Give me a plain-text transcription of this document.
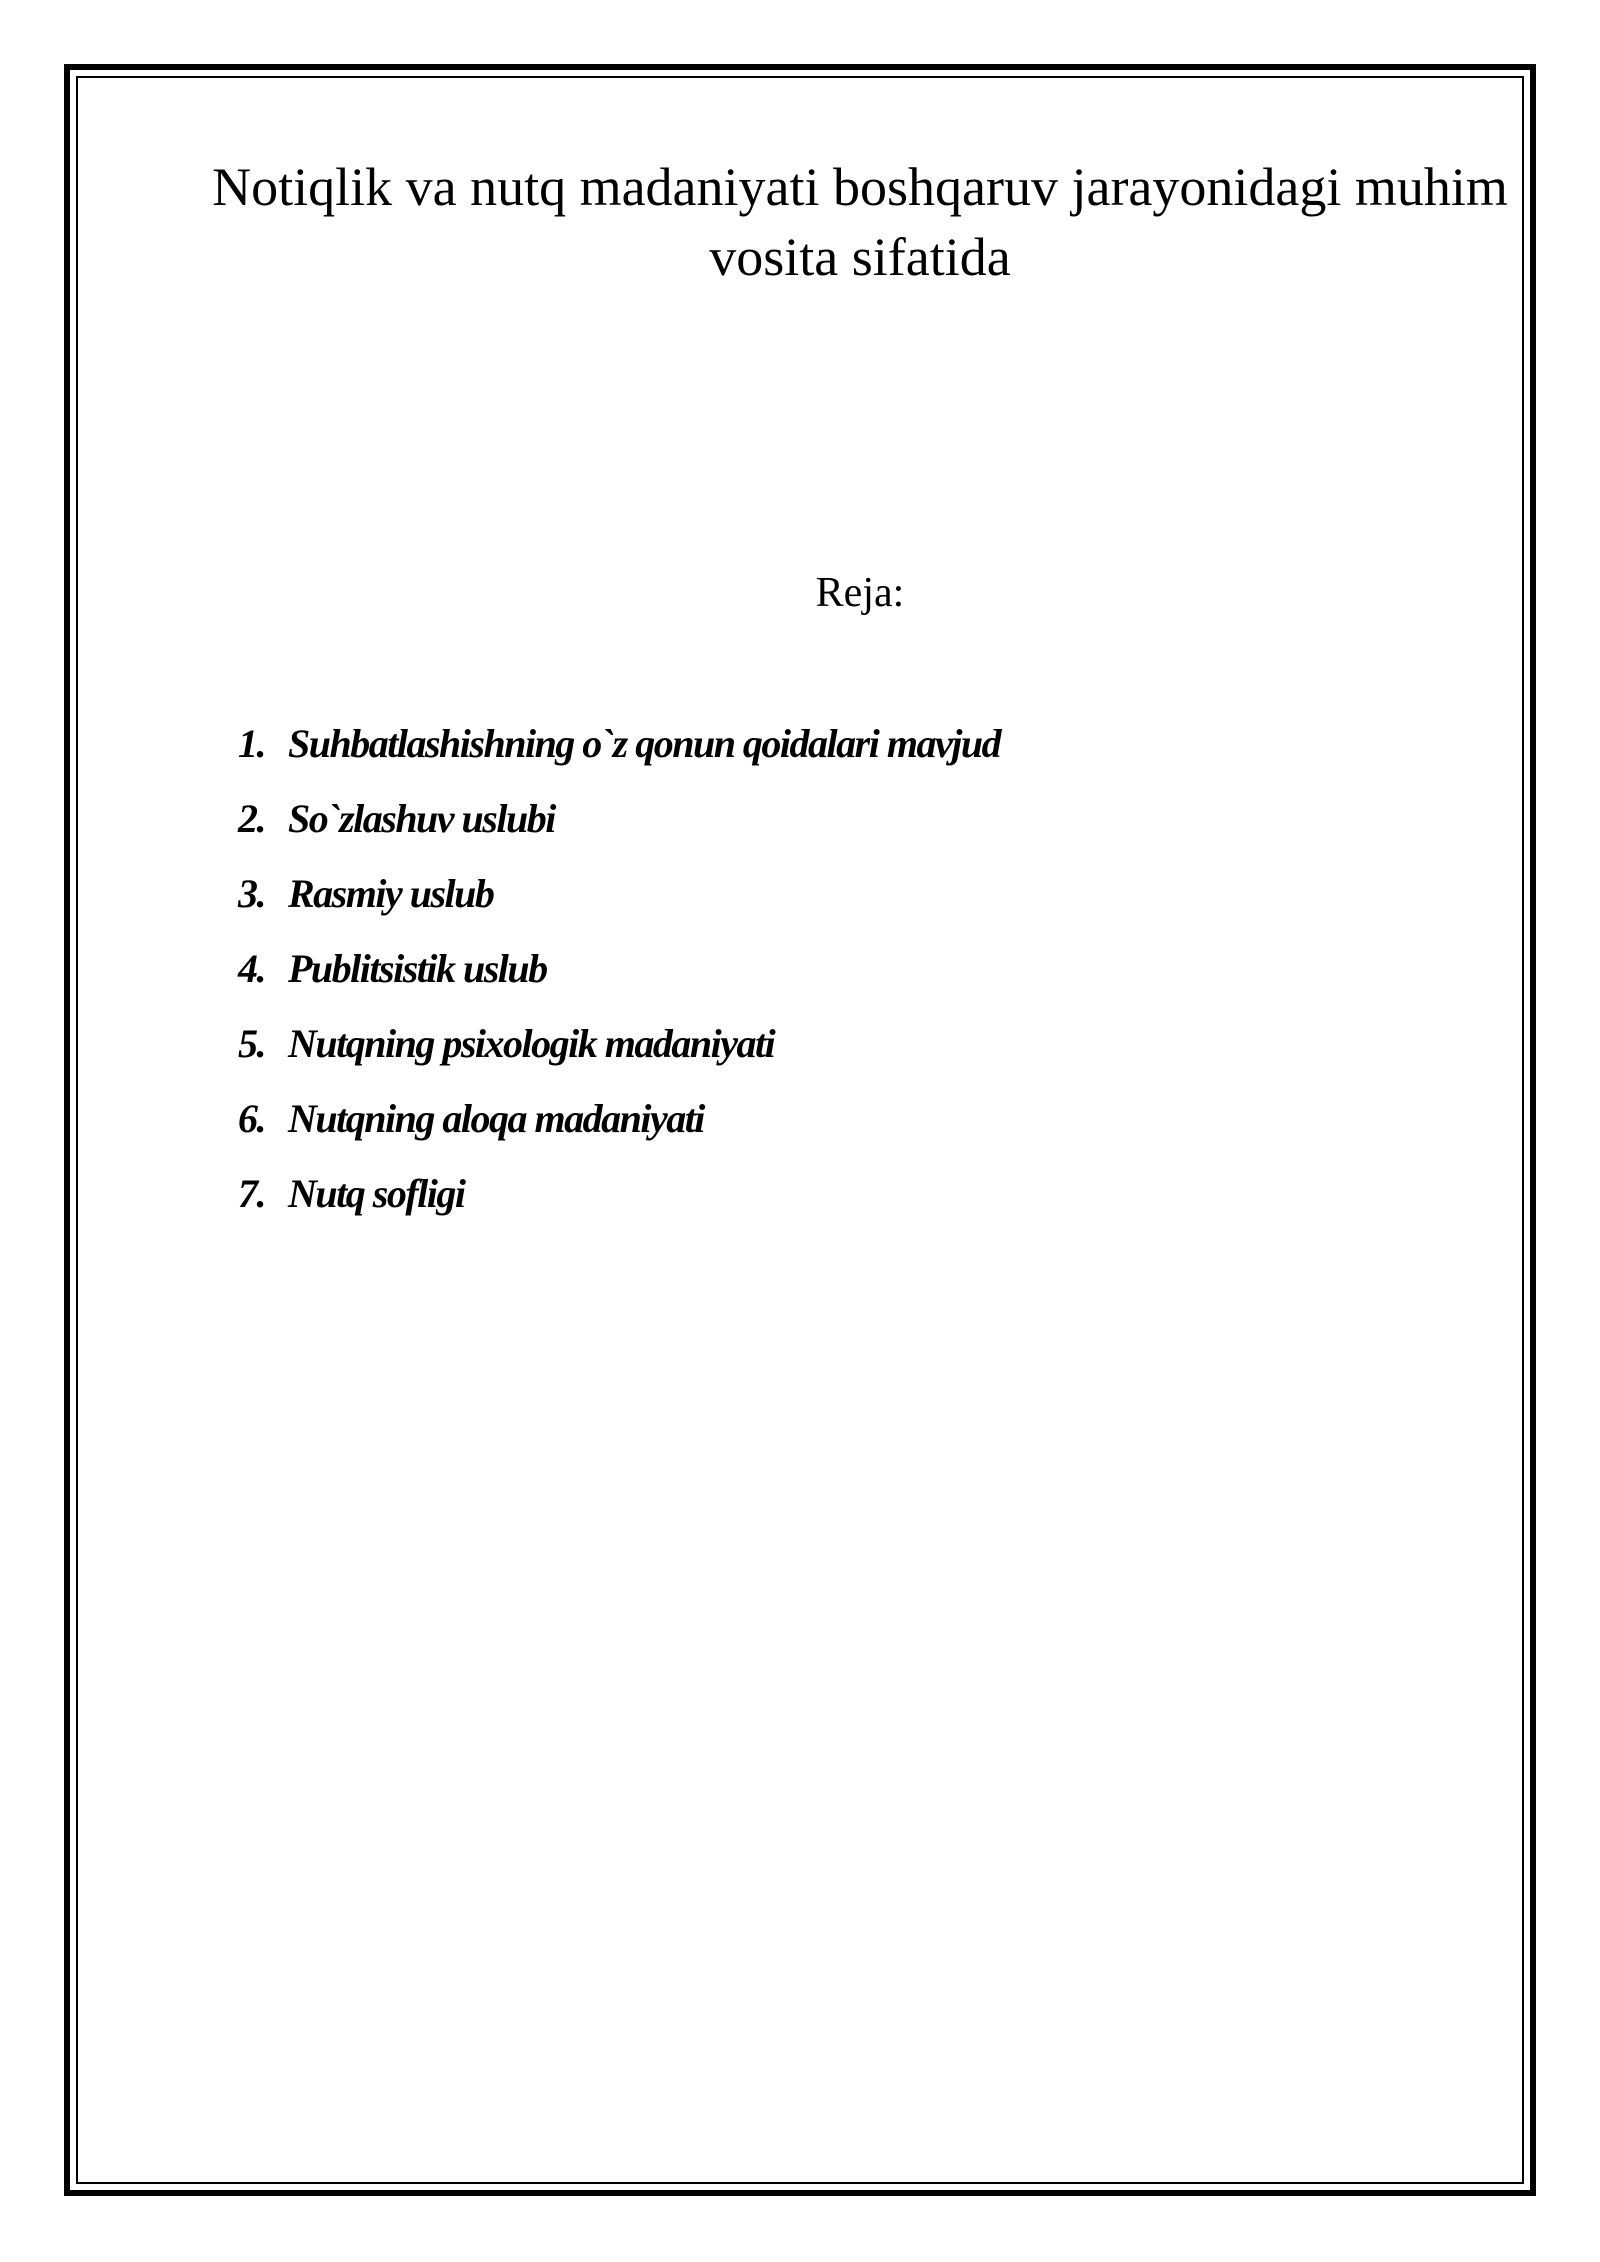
Notiqlik va nutq madaniyati boshqaruv jarayonidagi muhim vosita sifatida
Reja:
1. Suhbatlashishning o`z qonun qoidalari mavjud
2. So`zlashuv uslubi
3. Rasmiy uslub
4. Publitsistik uslub
5. Nutqning psixologik madaniyati
6. Nutqning aloqa madaniyati
7. Nutq sofligi
